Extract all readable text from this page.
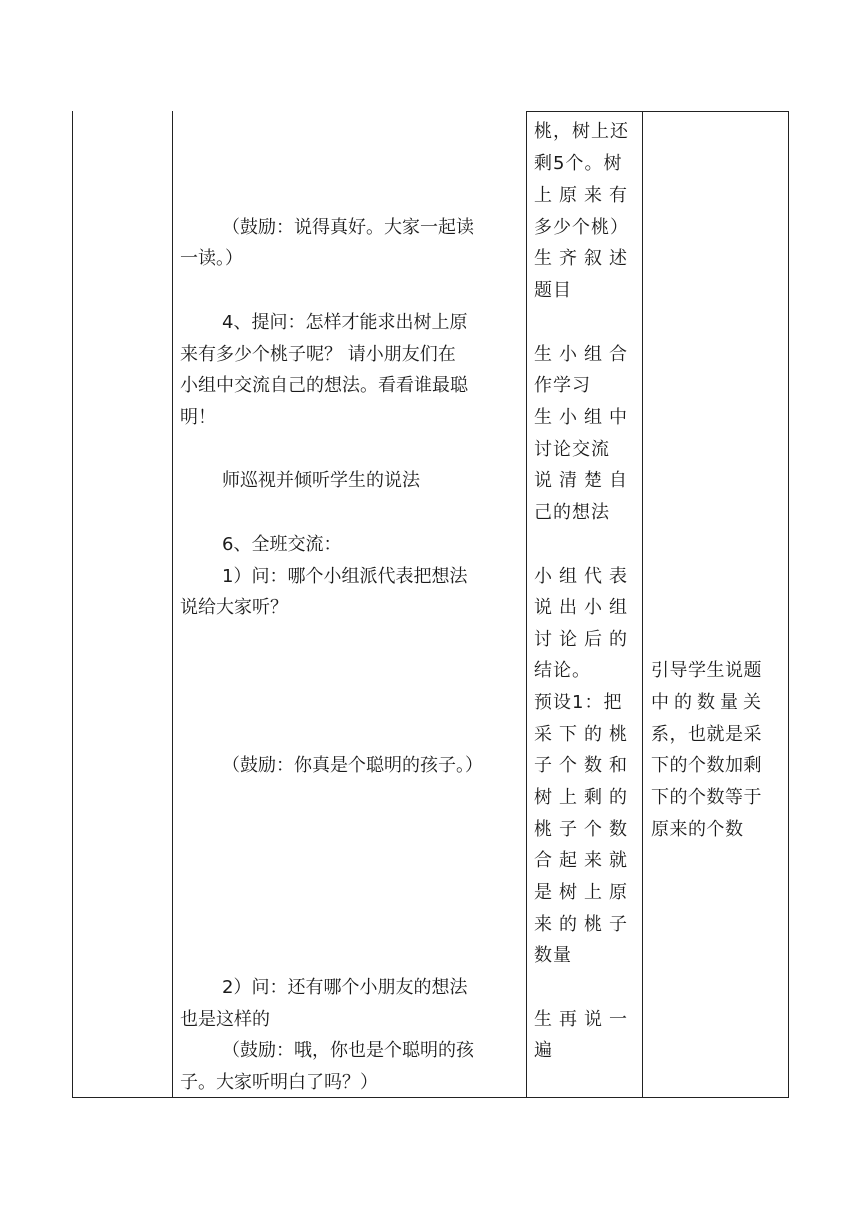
（鼓励：说得真好。大家一起读
一读。）
4、提问：怎样才能求出树上原
来有多少个桃子呢？ 请小朋友们在
小组中交流自己的想法。看看谁最聪
明！
师巡视并倾听学生的说法
6、全班交流：
1）问：哪个小组派代表把想法
说给大家听？
（鼓励：你真是个聪明的孩子。）
2）问：还有哪个小朋友的想法
也是这样的
（鼓励：哦，你也是个聪明的孩
子。大家听明白了吗？）
桃，树上还
剩5个。树
上原来有
多少个桃）
生齐叙述
题目
生小组合
作学习
生小组中
讨论交流
说清楚自
己的想法
小组代表
说出小组
讨论后的
结论。
预设1：把
采下的桃
子个数和
树上剩的
桃子个数
合起来就
是树上原
来的桃子
数量
生再说一
遍
引导学生说题
中的数量关
系，也就是采
下的个数加剩
下的个数等于
原来的个数
